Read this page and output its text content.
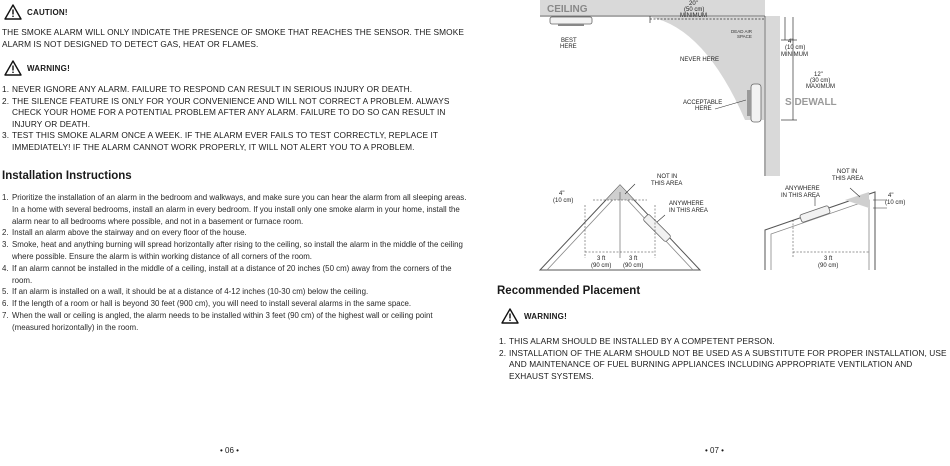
CAUTION!

THE SMOKE ALARM WILL ONLY INDICATE THE PRESENCE OF SMOKE THAT REACHES THE SENSOR. THE SMOKE ALARM IS NOT DESIGNED TO DETECT GAS, HEAT OR FLAMES.

WARNING!
1. NEVER IGNORE ANY ALARM. FAILURE TO RESPOND CAN RESULT IN SERIOUS INJURY OR DEATH.
2. THE SILENCE FEATURE IS ONLY FOR YOUR CONVENIENCE AND WILL NOT CORRECT A PROBLEM. ALWAYS CHECK YOUR HOME FOR A POTENTIAL PROBLEM AFTER ANY ALARM. FAILURE TO DO SO CAN RESULT IN INJURY OR DEATH.
3. TEST THIS SMOKE ALARM ONCE A WEEK. IF THE ALARM EVER FAILS TO TEST CORRECTLY, REPLACE IT IMMEDIATELY! IF THE ALARM CANNOT WORK PROPERLY, IT WILL NOT ALERT YOU TO A PROBLEM.
Installation Instructions
1. Prioritize the installation of an alarm in the bedroom and walkways, and make sure you can hear the alarm from all sleeping areas. In a home with several bedrooms, install an alarm in every bedroom. If you install only one smoke alarm in your home, install the alarm near to all bedrooms where possible, and not in a basement or furnace room.
2. Install an alarm above the stairway and on every floor of the house.
3. Smoke, heat and anything burning will spread horizontally after rising to the ceiling, so install the alarm in the middle of the ceiling where possible. Ensure the alarm is within working distance of all corners of the room.
4. If an alarm cannot be installed in the middle of a ceiling, install at a distance of 20 inches (50 cm) away from the corners of the room.
5. If an alarm is installed on a wall, it should be at a distance of 4-12 inches (10-30 cm) below the ceiling.
6. If the length of a room or hall is beyond 30 feet (900 cm), you will need to install several alarms in the same space.
7. When the wall or ceiling is angled, the alarm needs to be installed within 3 feet (90 cm) of the highest wall or ceiling point (measured horizontally) in the room.
• 06 •
CEILING
SIDEWALL
20"
(50 cm)
MINIMUM
DEAD AIR
SPACE
BEST
HERE
NEVER HERE
4"
(10 cm)
MINIMUM
12"
(30 cm)
MAXIMUM
ACCEPTABLE
HERE
NOT IN
THIS AREA
ANYWHERE
IN THIS AREA
4"
(10 cm)
3 ft
(90 cm)
3 ft
(90 cm)
NOT IN
THIS AREA
ANYWHERE
IN THIS AREA	4"
(10 cm)
3 ft
(90 cm)
Recommended Placement
WARNING!
1. THIS ALARM SHOULD BE INSTALLED BY A COMPETENT PERSON.
2. INSTALLATION OF THE ALARM SHOULD NOT BE USED AS A SUBSTITUTE FOR PROPER INSTALLATION, USE AND MAINTENANCE OF FUEL BURNING APPLIANCES INCLUDING APPROPRIATE VENTILATION AND EXHAUST SYSTEMS.
• 07 •
